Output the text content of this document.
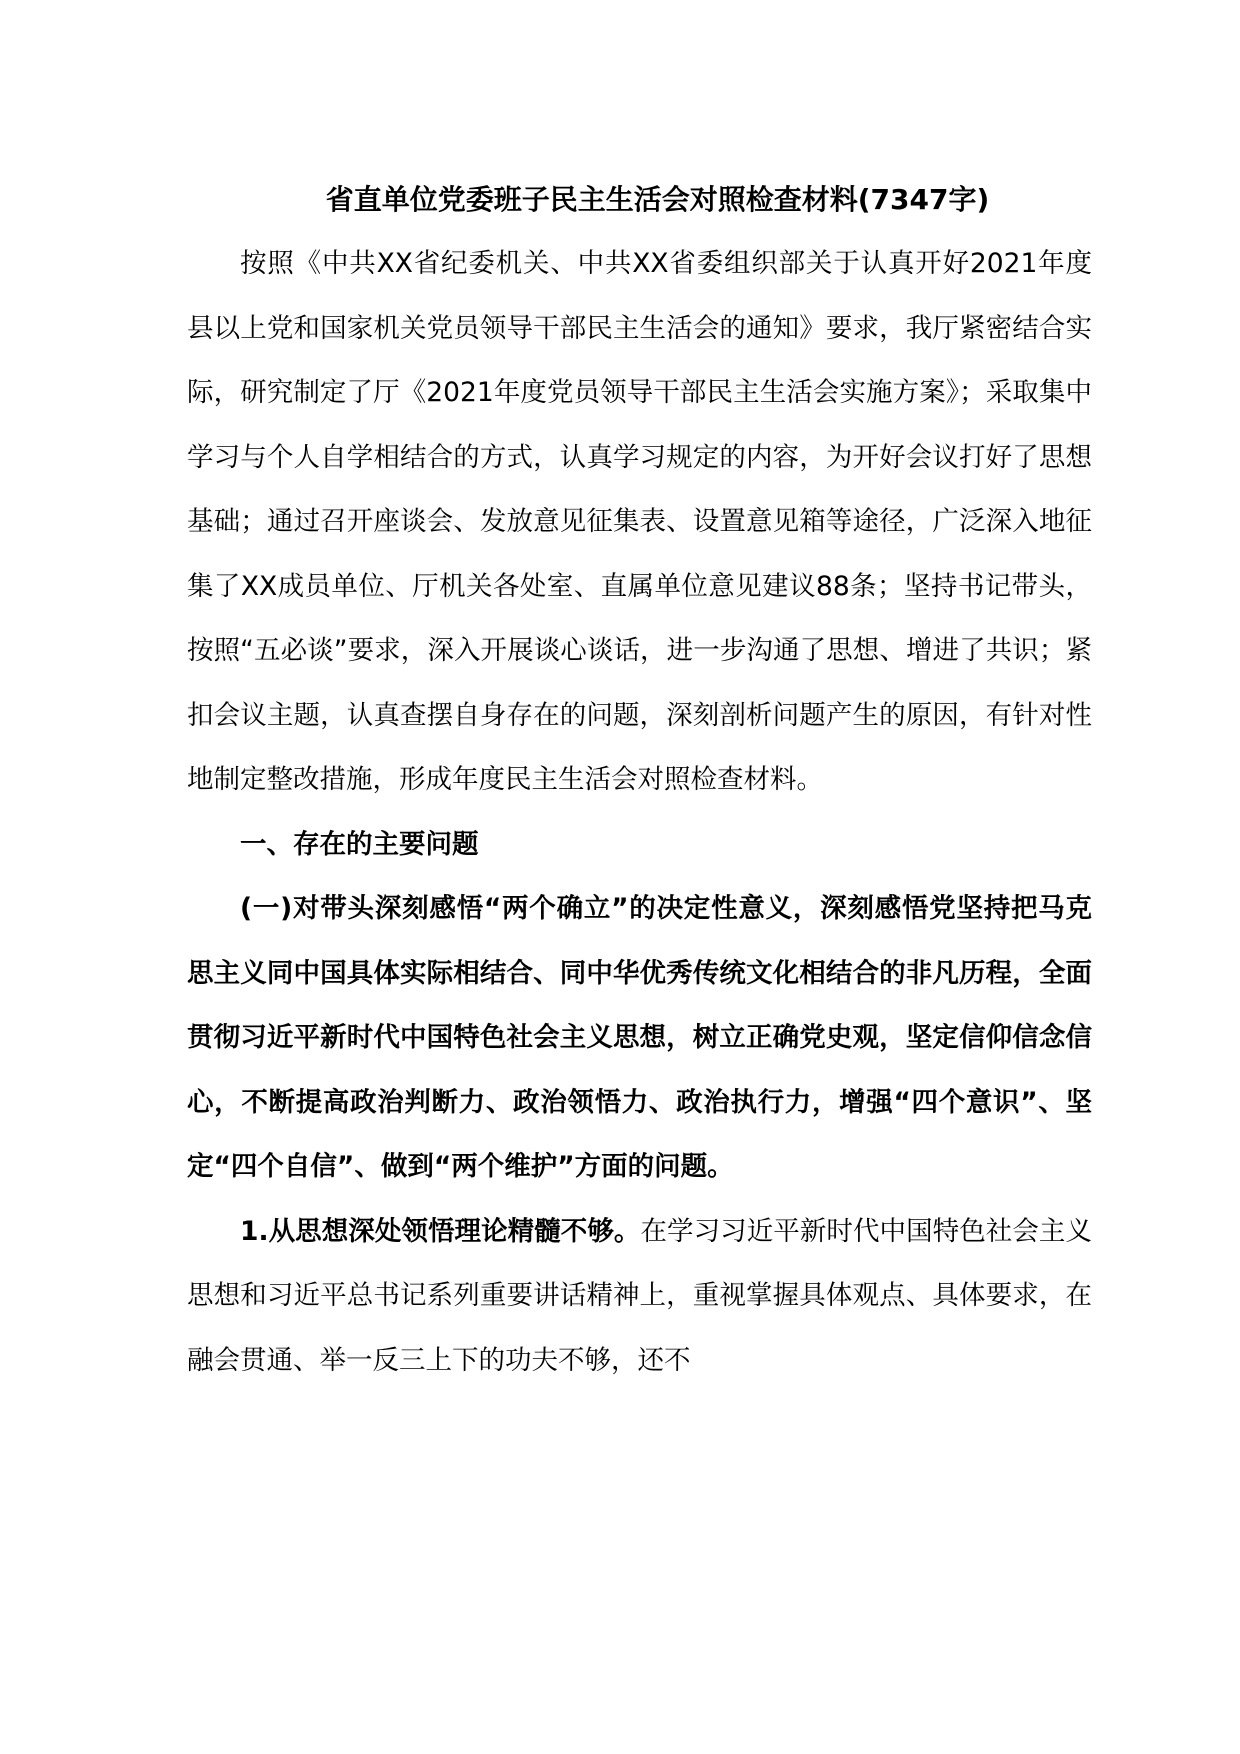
省直单位党委班子民主生活会对照检查材料(7347字)

按照《中共XX省纪委机关、中共XX省委组织部关于认真开好2021年度县以上党和国家机关党员领导干部民主生活会的通知》要求，我厅紧密结合实际，研究制定了厅《2021年度党员领导干部民主生活会实施方案》；采取集中学习与个人自学相结合的方式，认真学习规定的内容，为开好会议打好了思想基础；通过召开座谈会、发放意见征集表、设置意见箱等途径，广泛深入地征集了XX成员单位、厅机关各处室、直属单位意见建议88条；坚持书记带头，按照“五必谈”要求，深入开展谈心谈话，进一步沟通了思想、增进了共识；紧扣会议主题，认真查摆自身存在的问题，深刻剖析问题产生的原因，有针对性地制定整改措施，形成年度民主生活会对照检查材料。

一、存在的主要问题

(一)对带头深刻感悟“两个确立”的决定性意义，深刻感悟党坚持把马克思主义同中国具体实际相结合、同中华优秀传统文化相结合的非凡历程，全面贯彻习近平新时代中国特色社会主义思想，树立正确党史观，坚定信仰信念信心，不断提高政治判断力、政治领悟力、政治执行力，增强“四个意识”、坚定“四个自信”、做到“两个维护”方面的问题。

1.从思想深处领悟理论精髓不够。在学习习近平新时代中国特色社会主义思想和习近平总书记系列重要讲话精神上，重视掌握具体观点、具体要求，在融会贯通、举一反三上下的功夫不够，还不
